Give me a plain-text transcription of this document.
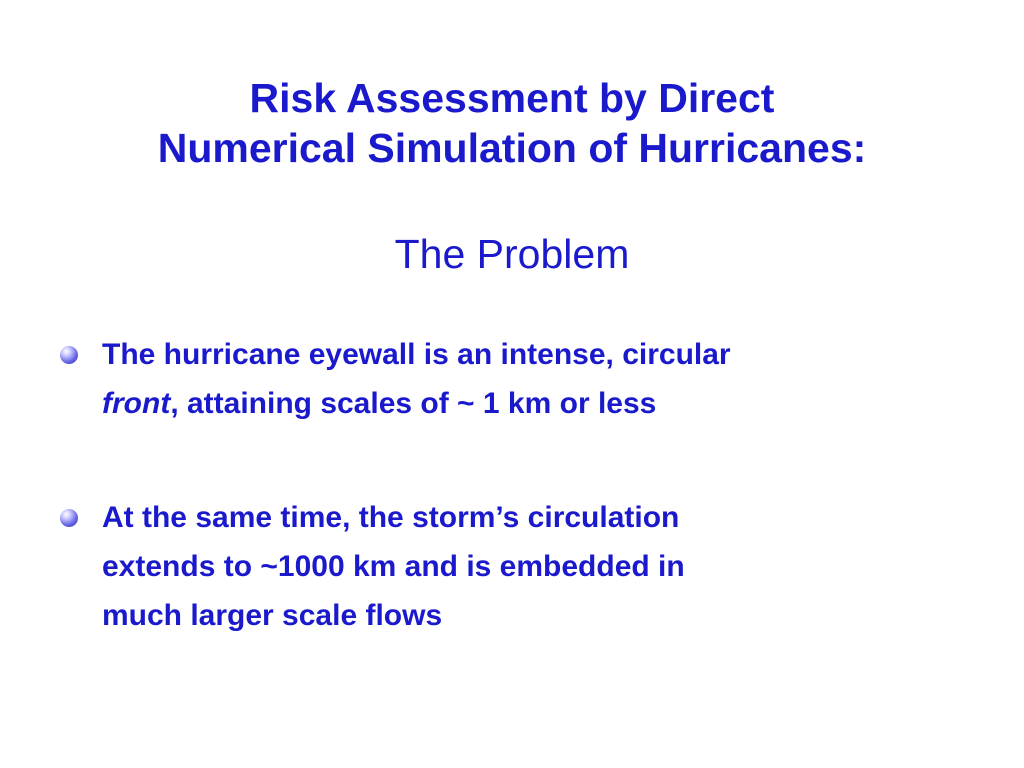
Risk Assessment by Direct
Numerical Simulation of Hurricanes:
The Problem
The hurricane eyewall is an intense, circular
front, attaining scales of ~ 1 km or less
At the same time, the storm’s circulation
extends to ~1000 km and is embedded in
much larger scale flows
